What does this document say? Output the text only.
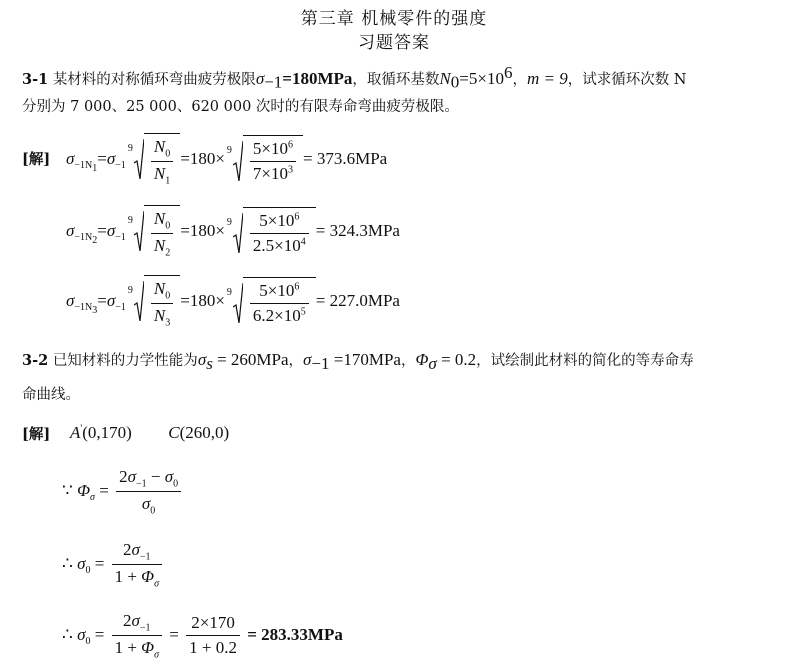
第三章 机械零件的强度
习题答案
3-1 某材料的对称循环弯曲疲劳极限$\sigma_{-1}=180MPa$，取循环基数$N_0=5\times 10^6$，m = 9，试求循环次数 N
分别为 7 000、25 000、620 000 次时的有限寿命弯曲疲劳极限。
[解] $\sigma_{-1N_1}=\sigma_{-1}$
$9 \frac{N_0}{N_1} =180\times 9 \frac{5\times 10^6}{7\times 10^3} = 373.6MPa$
$\sigma_{-1N_2}=\sigma_{-1}$
$9 \frac{N_0}{N_2} =180\times 9 \frac{5\times 10^6}{2.5\times 10^4} = 324.3MPa$
$\sigma_{-1N_3}=\sigma_{-1}$
$9 \frac{N_0}{N_3} =180\times 9 \frac{5\times 10^6}{6.2\times 10^5} = 227.0MPa$
3-2 已知材料的力学性能为$\sigma_s = 260MPa$，$\sigma_{-1} =170MPa$，$\Phi_\sigma = 0.2$，试绘制此材料的简化的等寿命寿
命曲线。
[解] A'(0,170) C(260,0)
∵ $\Phi_\sigma = \frac{2\sigma_{-1} - \sigma_0}{\sigma_0}$
∴ $\sigma_0 = \frac{2\sigma_{-1}}{1 + \Phi_\sigma}$
∴ $\sigma_0 = \frac{2\sigma_{-1}}{1 + \Phi_\sigma} = \frac{2\times 170}{1 + 0.2} = 283.33MPa$
